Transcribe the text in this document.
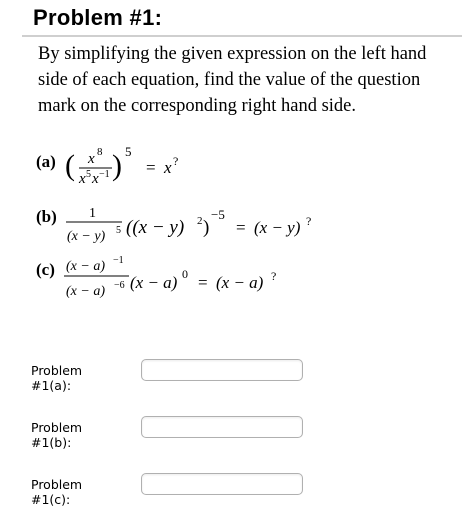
Problem #1:
By simplifying the given expression on the left hand
side of each equation, find the value of the question
mark on the corresponding right hand side.
(a) ( x 8
x 5 x −1 ) 5
= x ?
(b) 1
(x − y) 5 ((x − y) 2 )
−5
= (x − y) ?
(c) (x − a) −1
(x − a) −6 (x − a) 0 = (x − a) ?
Problem #1(a):
Problem #1(b):
Problem #1(c):
